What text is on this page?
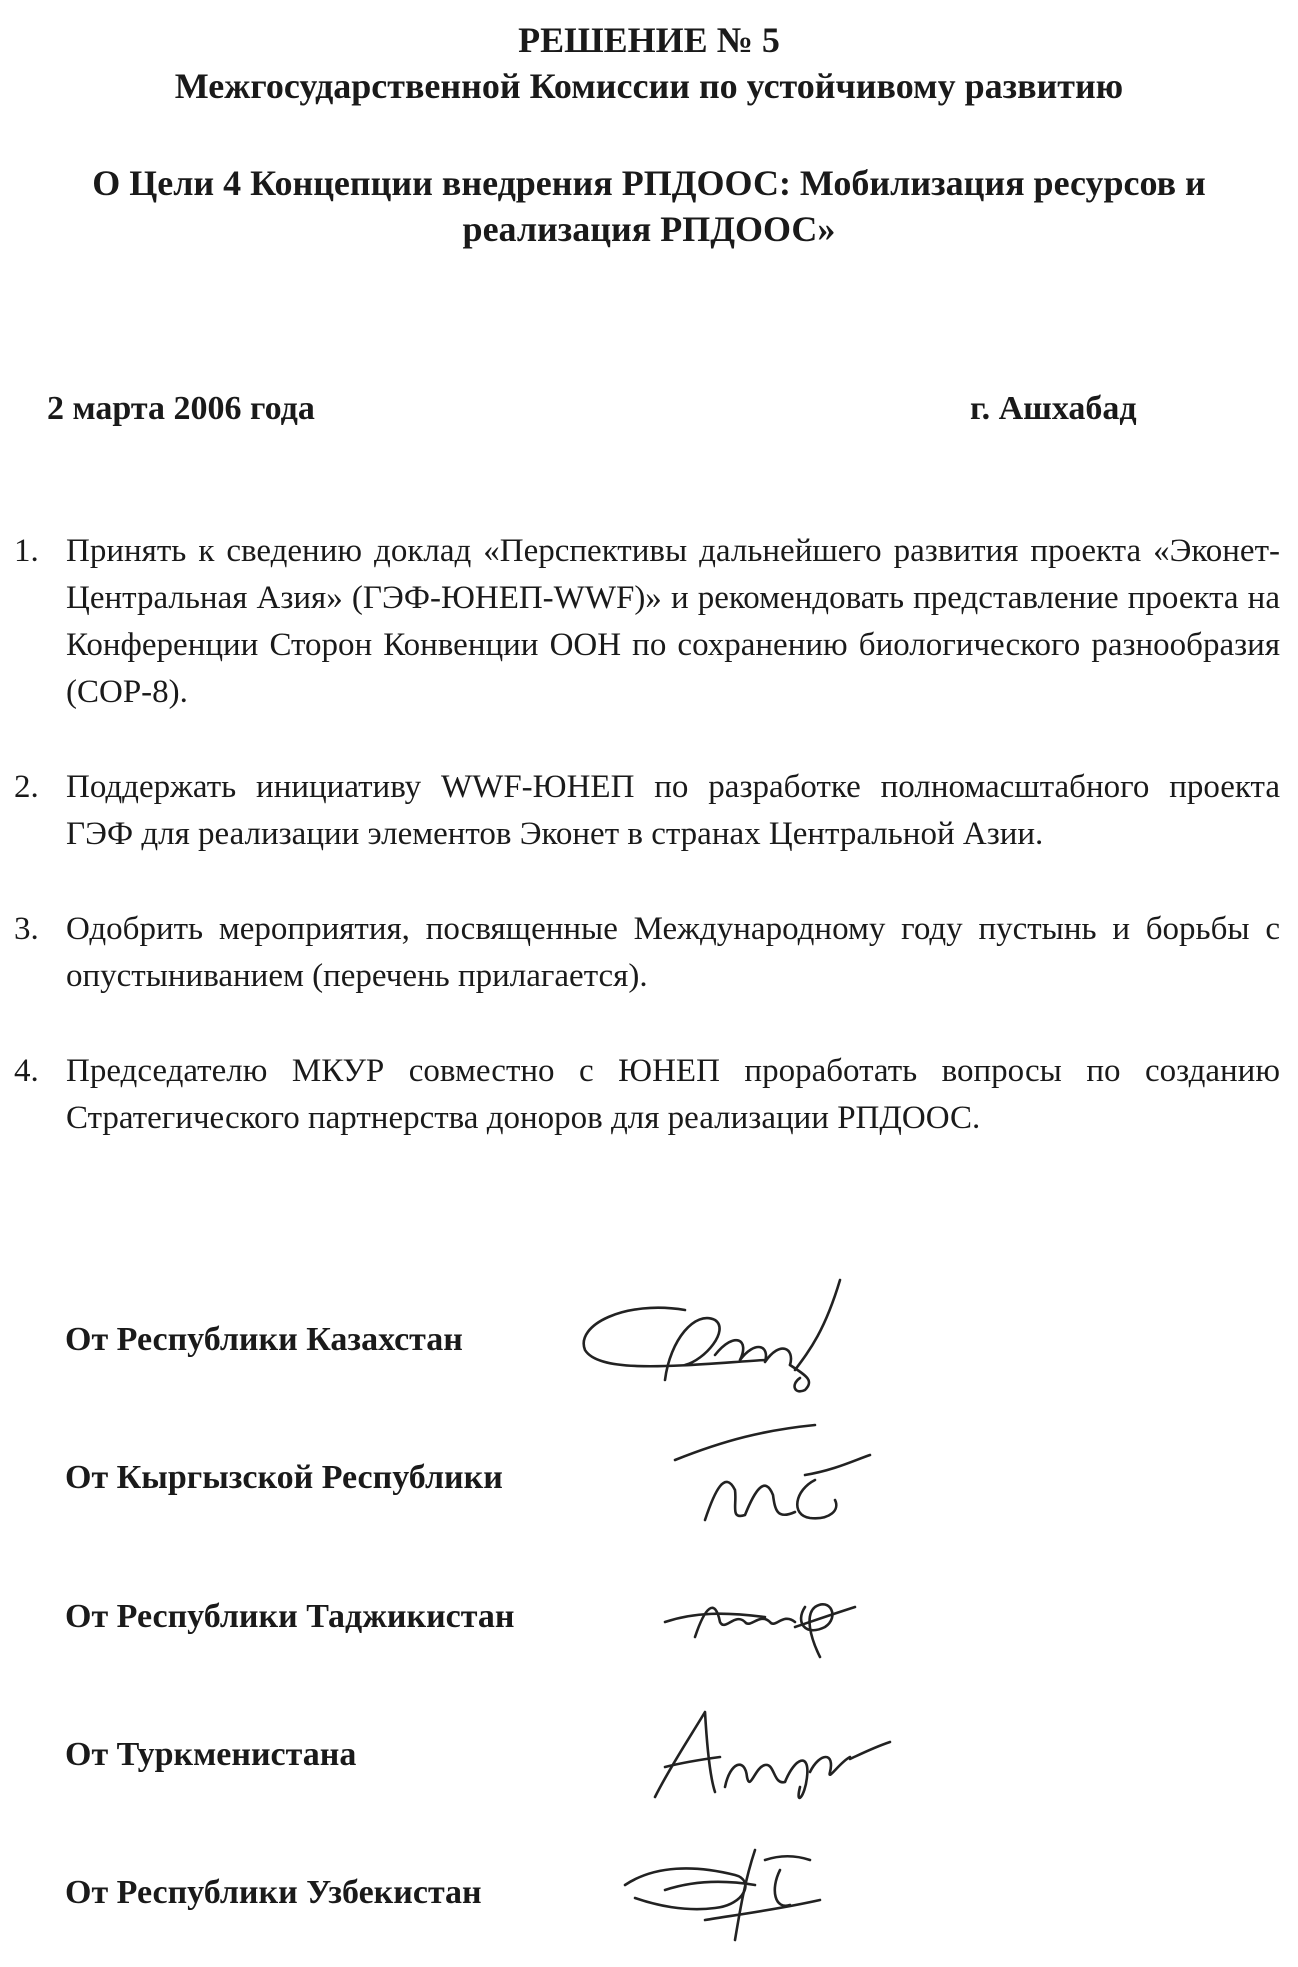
РЕШЕНИЕ № 5
Межгосударственной Комиссии по устойчивому развитию
О Цели 4 Концепции внедрения РПДООС: Мобилизация ресурсов и реализация РПДООС»
2 марта 2006 года	г. Ашхабад
1. Принять к сведению доклад «Перспективы дальнейшего развития проекта «Эконет-Центральная Азия» (ГЭФ-ЮНЕП-WWF)» и рекомендовать представление проекта на Конференции Сторон Конвенции ООН по сохранению биологического разнообразия (COP-8).
2. Поддержать инициативу WWF-ЮНЕП по разработке полномасштабного проекта ГЭФ для реализации элементов Эконет в странах Центральной Азии.
3. Одобрить мероприятия, посвященные Международному году пустынь и борьбы с опустыниванием (перечень прилагается).
4. Председателю МКУР совместно с ЮНЕП проработать вопросы по созданию Стратегического партнерства доноров для реализации РПДООС.
От Республики Казахстан
От Кыргызской Республики
От Республики Таджикистан
От Туркменистана
От Республики Узбекистан
